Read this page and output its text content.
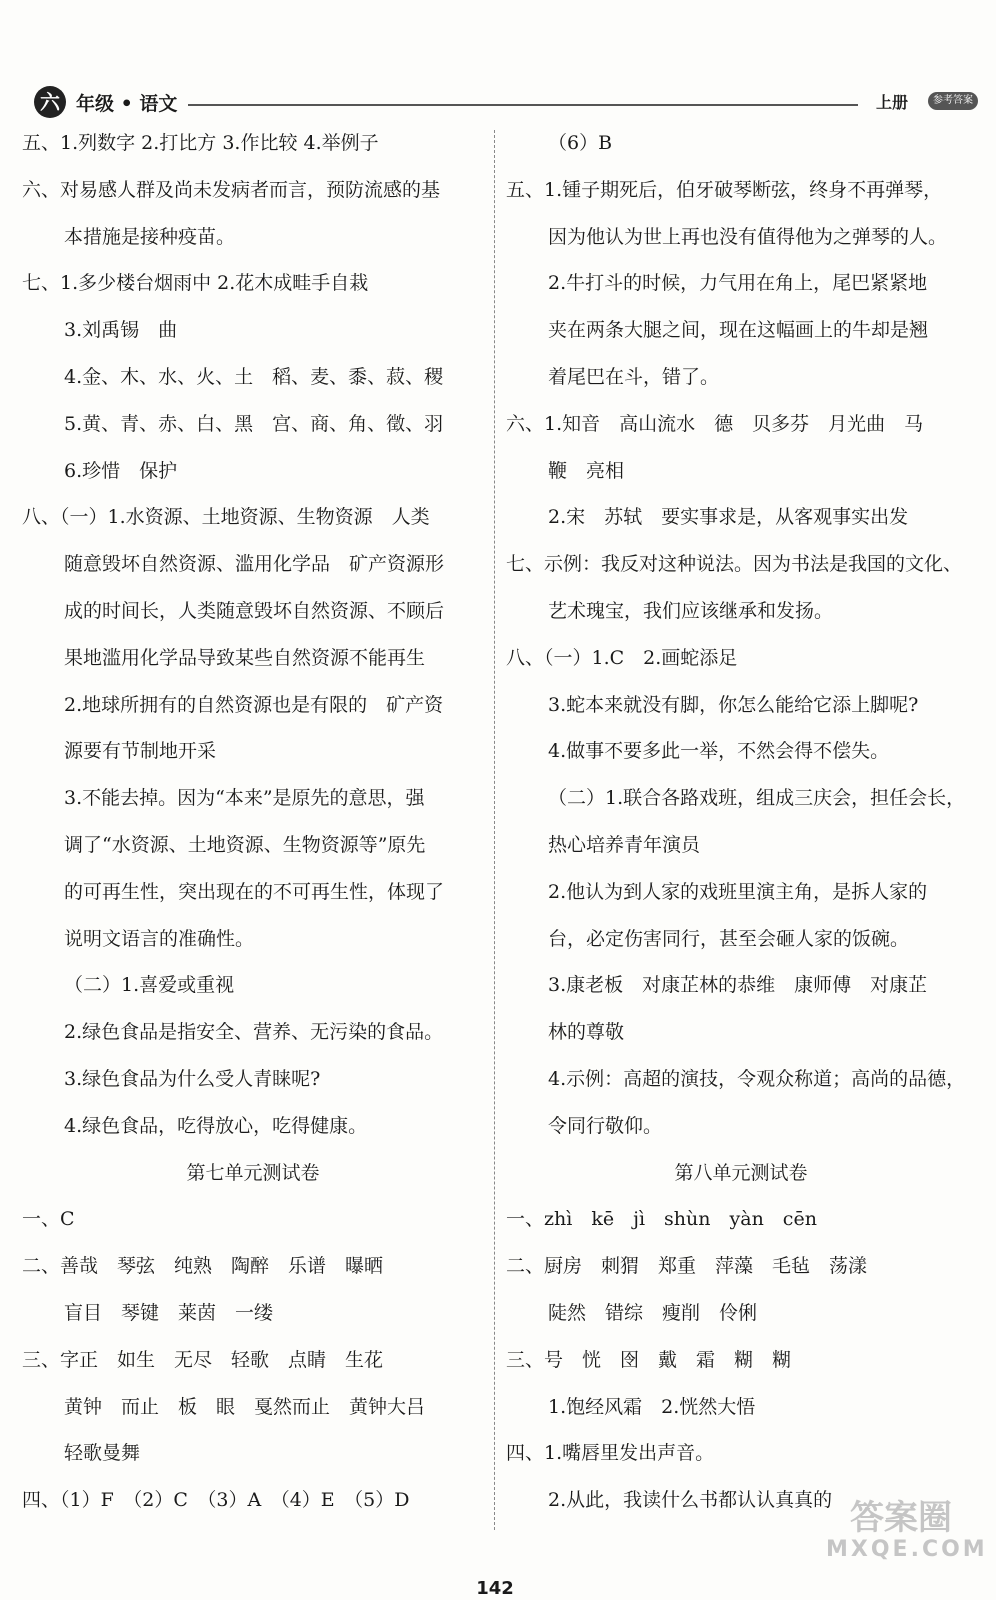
六 年级 • 语文	上册	参考答案
五、1.列数字 2.打比方 3.作比较 4.举例子
六、对易感人群及尚未发病者而言，预防流感的基
本措施是接种疫苗。
七、1.多少楼台烟雨中 2.花木成畦手自栽
3.刘禹锡　曲
4.金、木、水、火、土　稻、麦、黍、菽、稷
5.黄、青、赤、白、黑　宫、商、角、徵、羽
6.珍惜　保护
八、（一）1.水资源、土地资源、生物资源　人类
随意毁坏自然资源、滥用化学品　矿产资源形
成的时间长，人类随意毁坏自然资源、不顾后
果地滥用化学品导致某些自然资源不能再生
2.地球所拥有的自然资源也是有限的　矿产资
源要有节制地开采
3.不能去掉。因为“本来”是原先的意思，强
调了“水资源、土地资源、生物资源等”原先
的可再生性，突出现在的不可再生性，体现了
说明文语言的准确性。
（二）1.喜爱或重视
2.绿色食品是指安全、营养、无污染的食品。
3.绿色食品为什么受人青睐呢?
4.绿色食品，吃得放心，吃得健康。
第七单元测试卷
一、C
二、善哉　琴弦　纯熟　陶醉　乐谱　曝晒
盲目　琴键　莱茵　一缕
三、字正　如生　无尽　轻歌　点睛　生花
黄钟　而止　板　眼　戛然而止　黄钟大吕
轻歌曼舞
四、（1）F　（2）C　（3）A　（4）E　（5）D
（6）B
五、1.锺子期死后，伯牙破琴断弦，终身不再弹琴，
因为他认为世上再也没有值得他为之弹琴的人。
2.牛打斗的时候，力气用在角上，尾巴紧紧地
夹在两条大腿之间，现在这幅画上的牛却是翘
着尾巴在斗，错了。
六、1.知音　高山流水　德　贝多芬　月光曲　马
鞭　亮相
2.宋　苏轼　要实事求是，从客观事实出发
七、示例：我反对这种说法。因为书法是我国的文化、
艺术瑰宝，我们应该继承和发扬。
八、（一）1.C　2.画蛇添足
3.蛇本来就没有脚，你怎么能给它添上脚呢?
4.做事不要多此一举，不然会得不偿失。
（二）1.联合各路戏班，组成三庆会，担任会长，
热心培养青年演员
2.他认为到人家的戏班里演主角，是拆人家的
台，必定伤害同行，甚至会砸人家的饭碗。
3.康老板　对康芷林的恭维　康师傅　对康芷
林的尊敬
4.示例：高超的演技，令观众称道；高尚的品德，
令同行敬仰。
第八单元测试卷
一、zhì　kē　jì　shùn　yàn　cēn
二、厨房　刺猬　郑重　萍藻　毛毡　荡漾
陡然　错综　瘦削　伶俐
三、号　恍　囹　戴　霜　糊　糊
1.饱经风霜　2.恍然大悟
四、1.嘴唇里发出声音。
2.从此，我读什么书都认认真真的 答案圈
MXQE.COM
142
